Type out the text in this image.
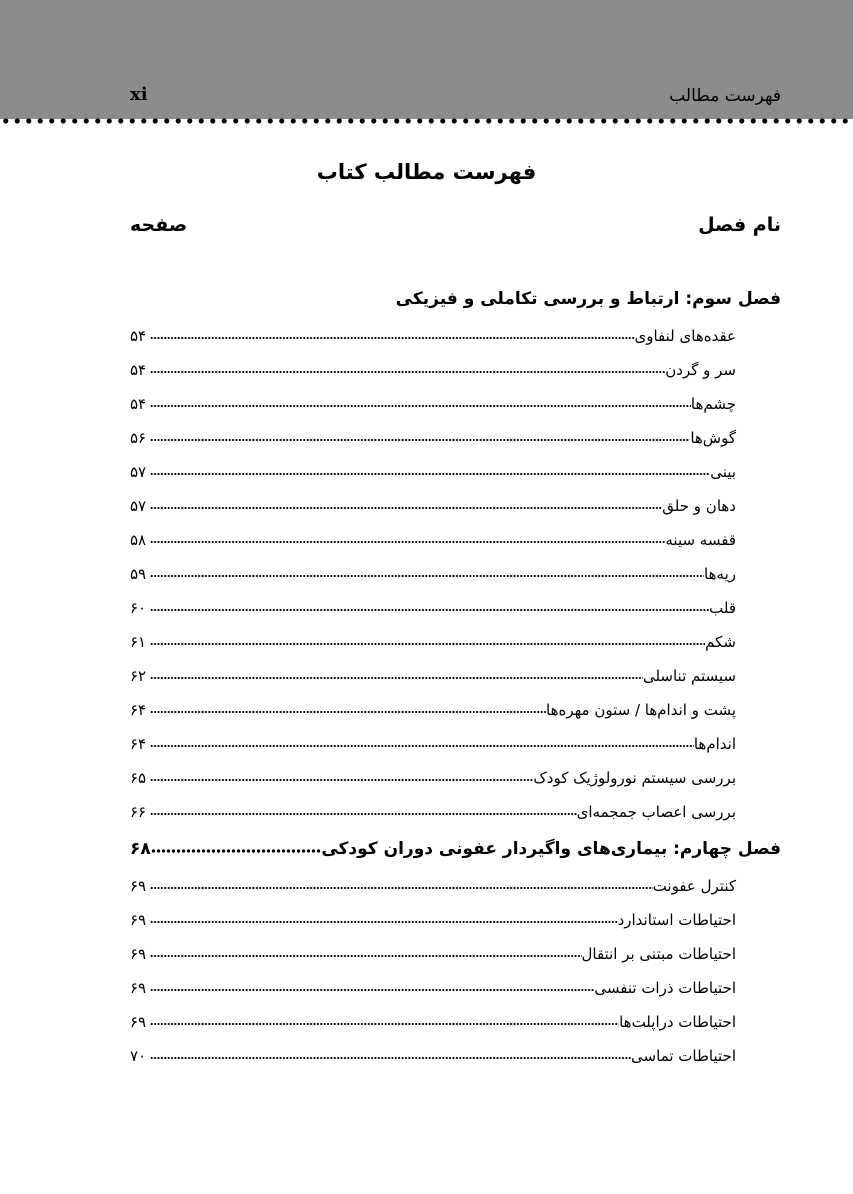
فهرست مطالب
xi
فهرست مطالب کتاب
نام فصل
صفحه
فصل سوم: ارتباط و بررسی تکاملی و فیزیکی
عقده‌های لنفاوی
۵۴
سر و گردن
۵۴
چشم‌ها
۵۴
گوش‌ها
۵۶
بینی
۵۷
دهان و حلق
۵۷
قفسه سینه
۵۸
ریه‌ها
۵۹
قلب
۶۰
شکم
۶۱
سیستم تناسلی
۶۲
پشت و اندام‌ها / ستون مهره‌ها
۶۴
اندام‌ها
۶۴
بررسی سیستم نورولوژیک کودک
۶۵
بررسی اعصاب جمجمه‌ای
۶۶
فصل چهارم: بیماری‌های واگیردار عفونی دوران کودکی
۶۸
کنترل عفونت
۶۹
احتیاطات استاندارد
۶۹
احتیاطات مبتنی بر انتقال
۶۹
احتیاطات ذرات تنفسی
۶۹
احتیاطات دراپلت‌ها
۶۹
احتیاطات تماسی
۷۰
